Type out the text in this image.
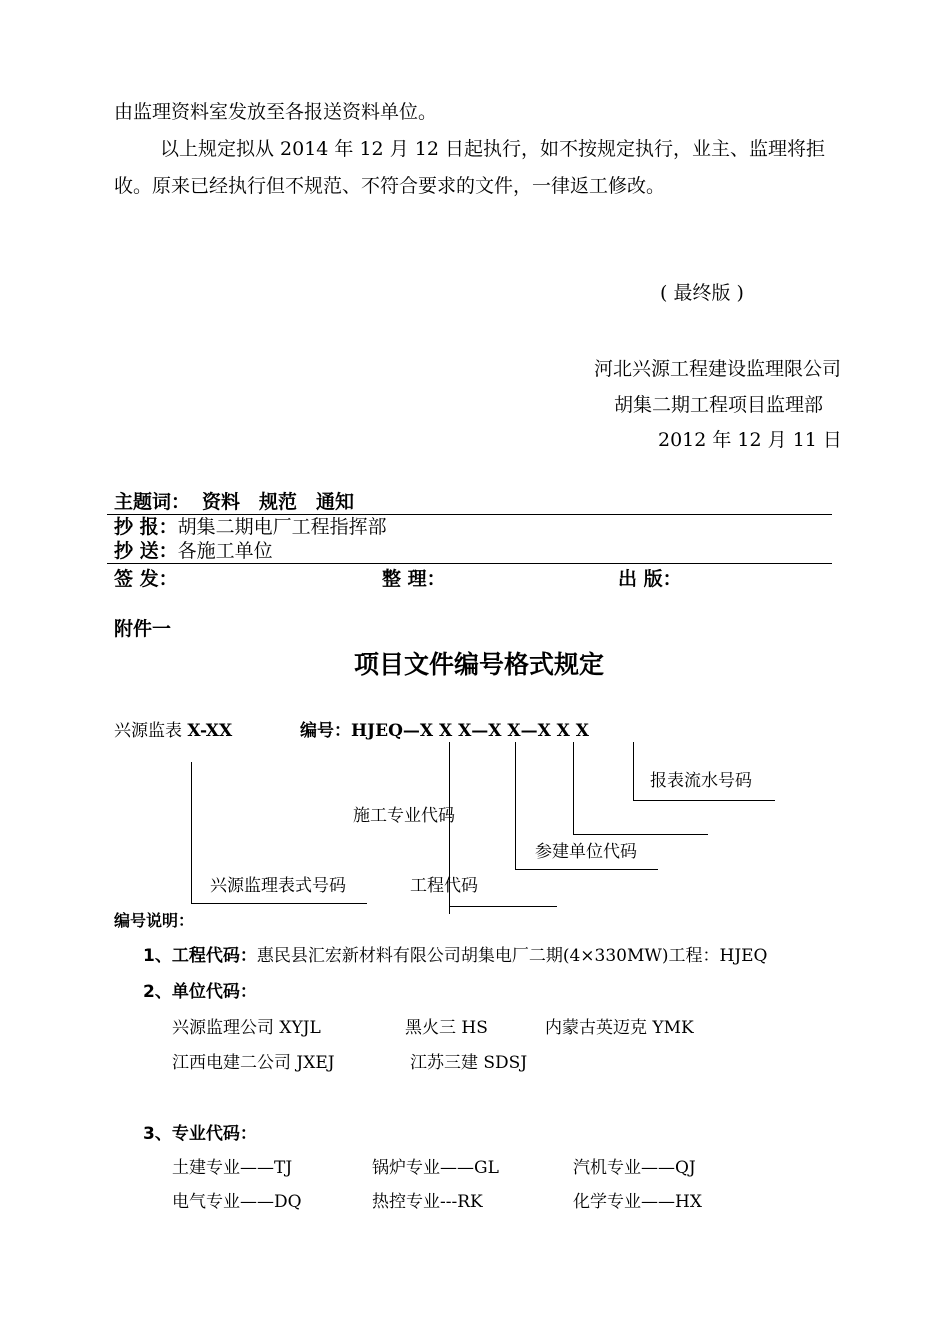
由监理资料室发放至各报送资料单位。
以上规定拟从 2014 年 12 月 12 日起执行，如不按规定执行，业主、监理将拒
收。原来已经执行但不规范、不符合要求的文件，一律返工修改。
( 最终版 )
河北兴源工程建设监理限公司
胡集二期工程项目监理部
2012 年 12 月 11 日
主题词： 资料　规范　通知
抄 报：胡集二期电厂工程指挥部
抄 送：各施工单位
签 发：	整 理：	出 版：
附件一
项目文件编号格式规定
兴源监表 X-XX	编号：HJEQ—X X X—X X—X X X
报表流水号码
施工专业代码
参建单位代码
兴源监理表式号码	工程代码
编号说明：
1、工程代码：惠民县汇宏新材料有限公司胡集电厂二期(4×330MW)工程：HJEQ
2、单位代码：
兴源监理公司 XYJL	黑火三 HS	内蒙古英迈克 YMK
江西电建二公司 JXEJ	江苏三建 SDSJ
3、专业代码：
土建专业——TJ	锅炉专业——GL	汽机专业——QJ
电气专业——DQ	热控专业---RK	化学专业——HX
